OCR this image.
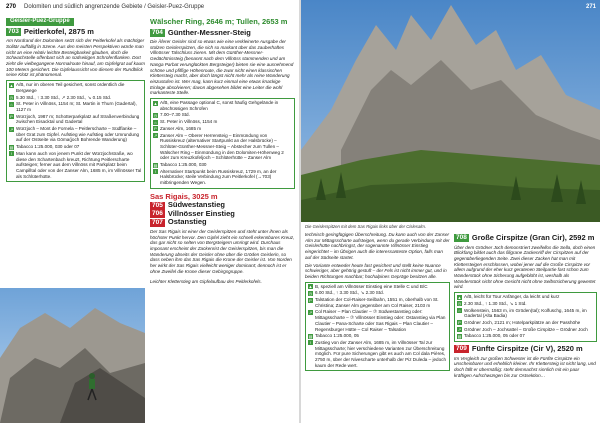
270 Dolomiten und südlich angrenzende Gebiete / Geisler-Puez-Gruppe
Geisler-Puez-Gruppe
703 Peitlerkofel, 2875 m

Am Nordrand der Dolomiten setzt sich der Peitlerkofel als mächtiger Solitär auffällig in Szene. Aus den meisten Perspektiven würde man nicht an eine relativ leichte Besteigbarkeit glauben, doch die Schwachstelle offenbart sich an südseitigen Schrofenflanken. Dort zieht die vielbegangene Normalroute hinauf, am Gipfelgrat auf kaum 100 Metern gesichert. Die Gipfelaussicht von diesem der Rundblick seine Klotz ist phänomenal.

▲ A/B, nur im oberen Teil gesichert, sonst ordentlich die Bergwege
◷ 5.30 Std., ↑ 3.30 Std., ↗ 2.30 Std., ↘ 0.15 Std.
⌂ St. Peter in Villnöss, 1154 m; St. Martin in Thurn (Gadertal), 1127 m
P Würzjoch, 1987 m; Schotterparkplatz auf Straßenverbindung zwischen Eisacktal und Gadertal
↗ Würzjoch – Mont de Fornela – Peitlerscharte – Südflanke – über Grat zum Gipfel. Aufstieg wie Aufstieg oder Umrundung auf der Ostseite via Göma(joch Bohrende Wanderung)
▤ Tabacco 1:25.000, 030 oder 07
! Man kann auch von jenem Punkt der Würzjochstraße, wo diese den Schartenbach kreuzt, Richtung Peitlerscharte aufsteigen; ferner aus dem Villnöss mit Parkplatz beim Campilltal oder von der Zanser Alm, 1685 m, im Villnösser Tal als Schlüterhütte.
Wälscher Ring, 2646 m; Tullen, 2653 m
704 Günther-Messner-Steig

Die Äferer Geisler sind so etwas wie eine verkleinerte Ausgabe der stolzen Geislerspitzen, die sich so markant über das zauberhaftes Villnösser Talschluss zieren. Mit dem Günther-Messner-Gedächtnissteig (benannt nach dem Villnöss stammenden und am Nanga Parbat verunglückten Bergsteiger) bieten sie eine ausnehmend schöne und pfiffige Höhenroute, die zwar nicht einen klassischen Klettersteig macht, aber doch längst nicht mehr als reine Wanderung einzustufen ist. Wer mag, kann kurz einmal eine etwas knackige Einlage absolvieren; davon abgesehen bildet eine Leiter die wohl markanteste Stelle.

▲ A/B, eine Passage optional C, sonst häufig Gehgelände in abschüssigen Schrofen
◷ 7.00–7.30 Std.
⌂ St. Peter in Villnöss, 1154 m
P Zanser Alm, 1685 m
↗ Zanser Alm – Oberer Herrensteig – Einmündung von Russiskreuz (alternativer Startpunkt an der Halsbrücke) – Schlüter-Günther-Messner-Steig – Abstecher zum Tullen – Wälscher Ring – Einmündung in den Dolomiten-Höhenweg 2 oder zum Kreuzkofeljoch – Schlüterhütte – Zanser Alm
▤ Tabacco 1:25.000, 030
! Alternativer Startpunkt beim Russiskreuz, 1729 m, an der Halsbrücke; steile Verbindung zum Peitlerkofel (→703) mitbringenden Wegen.
Sas Rigais, 3025 m
705 Südwestanstieg
706 Villnösser Einstieg
707 Ostanstieg

Der Sas Rigais ist einer der Geislerspitzen und steht unter ihnen als höchster Punkt hervor. Den Gipfel zieht ein schnell erkennbares Kreuz, das gar nicht so selten von Bergsteigern umringt wird. Durchaus imposant erscheint der Zackenrist der Geislerspitzen, bis man die Wanderung abseits der Geisler ohne über die Gröden Geislerin, so dass neben ihm das Sas Rigais die Krone der Geisler ist. Von Norden her wirkt der Sas Rigais vielleicht weniger dominant; dennoch ist er ohne Zweifel die Krone dieser Gebirgsgruppe.

Leichter Kletterstieg am Gipfelaufbau des Peitlerkofels.

Die Geislerspitzen mit dem Sas Rigais links über der Cislesalm.
271

technisch geringfügigen Überschreitung. Du kann auch von der Zanser Alm zur Mittagsscharte aufsteigen, wenn du gerade Verbindung mit der Geislerhütte nachbringst, der sogenannte Villnösser Einstieg eingerichtet – im Übrigen auch die interessanteste Option, falls man auf der Südseite startet.

Die Variante entweder heute fast gesichert und stellt keine Nuance schwieriger, aber gehörig gestuft – der Fels ist nicht immer gut, und in beiden Richtungen machbar; hochalpines Gepräge besitzen alle.

▲ B, speziell am Villnösser Einstieg eine Stelle C und B/C
◷ 6.00 Std., ↑ 3.30 Std., ↘ 2.30 Std.
P Talstation der Col-Raiser-Seilbahn, 1551 m, oberhalb von St. Christina; Zanser Alm gegenüber am Col Raiser, 2103 m
↗ Col Raiser – Plan Clautier – ⑦ Südwestanstieg oder: Mittagsscharte – ⑦ Villnösser Einstieg oder: Ostanstieg via Plan Clautier – Pana-Scharte oder Sas Rigais – Plan Clautier – Regensburger Hütte – Col Raiser – Talsation
▤ Tabacco 1:25.000, 05
! Zustieg von der Zanser Alm, 1685 m, im Villnösser Tal zur Mittagsscharte; hier verschiedene Varianten zur Überschreitung möglich. Für pure Sicherungen gibt es auch am Col dala Pières, 2750 m, über der Nivescharte unterhalb der Piz Duleda – jedoch kaum der Rede wert.
708 Große Cirspitze (Gran Cir), 2592 m

Über dem Grödner Joch demonstriert zweifellos die Sella, doch einen Blickfang bildet auch das filigrane Zackenriff der Cirspitzen auf der gegenüberliegenden Seite. Zwei dieser Zacken hat man mit Klettersteigen erschlossen, wobei jener auf die Große Cirspitze vor allem aufgrund der eher kurz geratenen Steilpartie fast schon zum Wanderstück ohne Sicherung aufgeblüht ist, weshalb als Wanderstück nicht ohne Gesicht nicht ohne Selbstsicherung gewertet wird.

▲ A/B, leicht für Tour Anfänger, da leicht und kurz
◷ 2.30 Std., ↑ 1.30 Std., ↘ 1 Std.
⌂ Wolkenstein, 1563 m, im Gröden(tal); Kolfuschg, 1645 m, im Gadertal (Alta Badia)
P Grödner Joch, 2121 m; Hotelparkplätze an der Passhöhe
↗ Grödner Joch – Jochsattel – Große Cirspitze – Grödner Joch
▤ Tabacco 1:25.000, 05 oder 07
709 Fünfte Cirspitze (Cir V), 2520 m

Im Vergleich zur großen Schwester ist die Fünfte Cirspitze ein unscheinbarer und erheblich kleiner. Ihr Klettersteig ist nicht lang, und doch fällt er übermäßig: steht demnachst sinnlich mit ein paar kräftigen Aufschwüngen bis zur Ostsektion…
